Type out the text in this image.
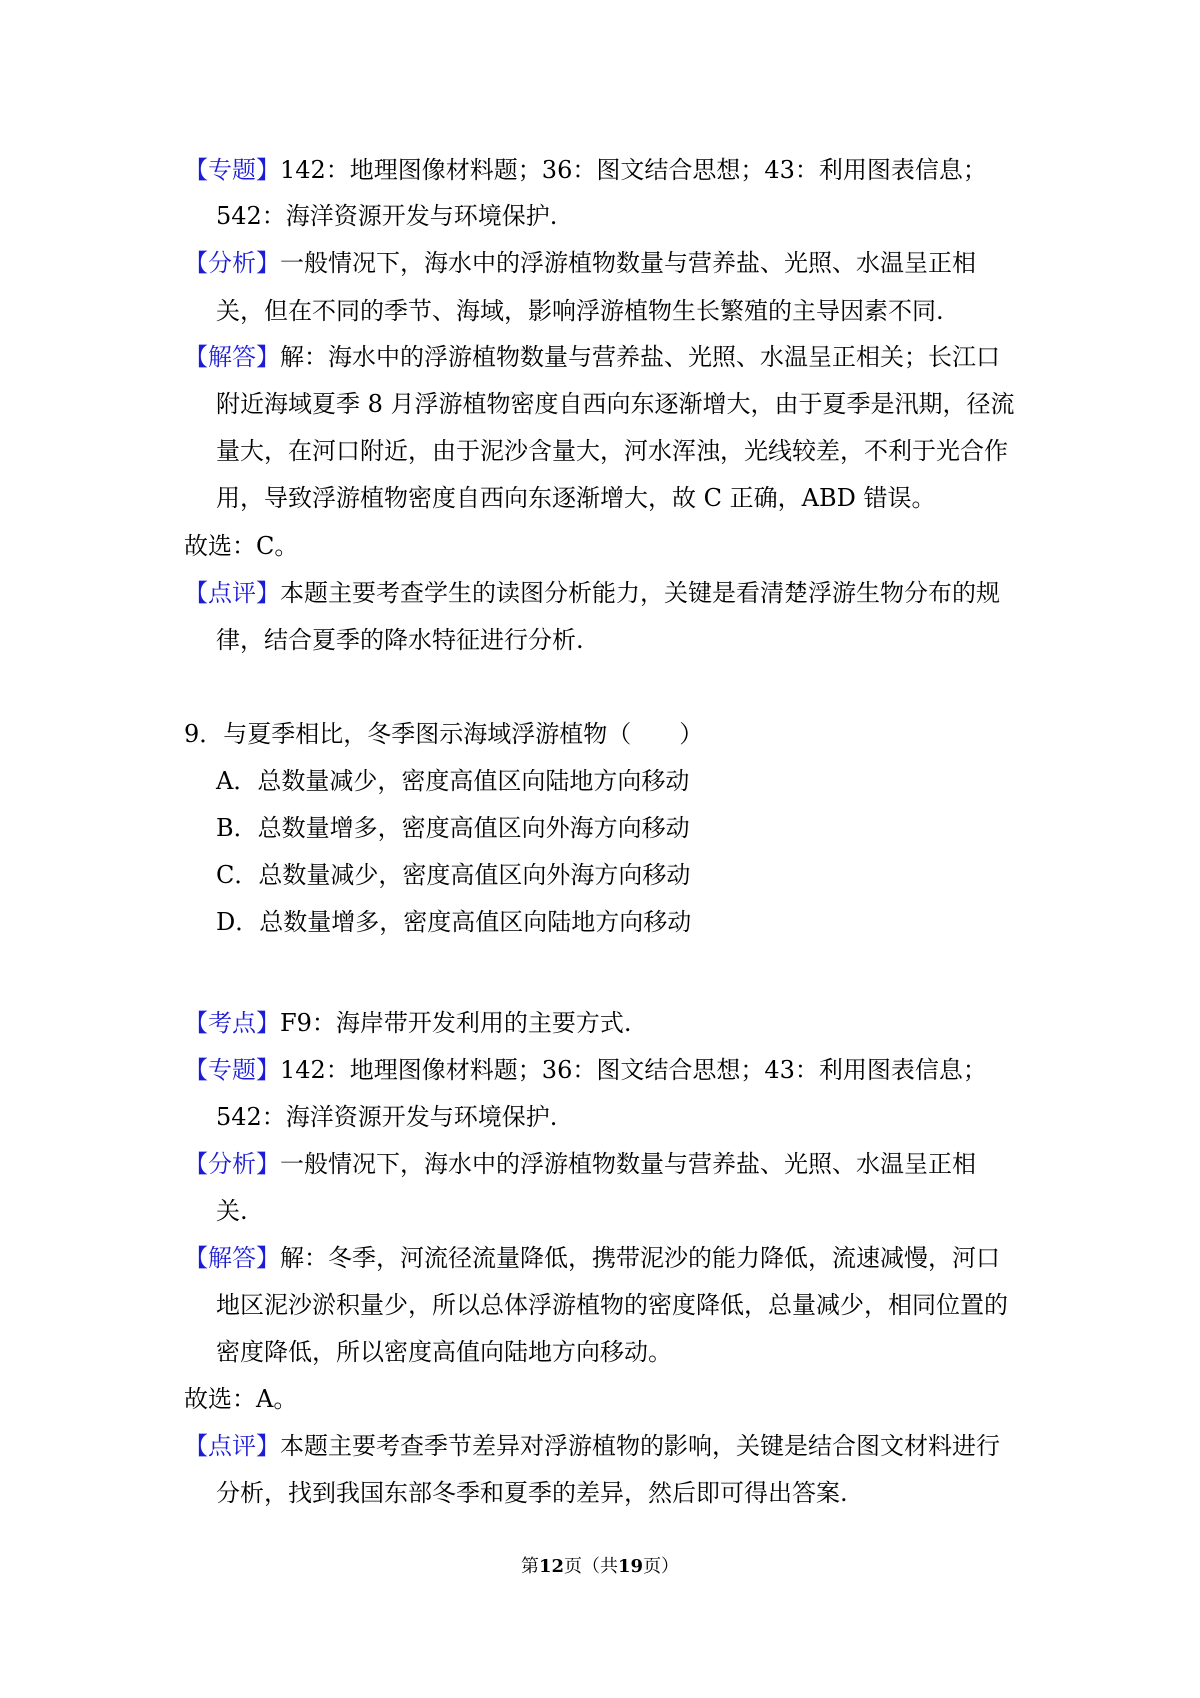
【专题】142：地理图像材料题；36：图文结合思想；43：利用图表信息；
542：海洋资源开发与环境保护.
【分析】一般情况下，海水中的浮游植物数量与营养盐、光照、水温呈正相
关，但在不同的季节、海域，影响浮游植物生长繁殖的主导因素不同.
【解答】解：海水中的浮游植物数量与营养盐、光照、水温呈正相关；长江口
附近海域夏季 8 月浮游植物密度自西向东逐渐增大，由于夏季是汛期，径流
量大，在河口附近，由于泥沙含量大，河水浑浊，光线较差，不利于光合作
用，导致浮游植物密度自西向东逐渐增大，故 C 正确，ABD 错误。
故选：C。
【点评】本题主要考查学生的读图分析能力，关键是看清楚浮游生物分布的规
律，结合夏季的降水特征进行分析.
9．与夏季相比，冬季图示海域浮游植物（　　）
A．总数量减少，密度高值区向陆地方向移动
B．总数量增多，密度高值区向外海方向移动
C．总数量减少，密度高值区向外海方向移动
D．总数量增多，密度高值区向陆地方向移动
【考点】F9：海岸带开发利用的主要方式.
【专题】142：地理图像材料题；36：图文结合思想；43：利用图表信息；
542：海洋资源开发与环境保护.
【分析】一般情况下，海水中的浮游植物数量与营养盐、光照、水温呈正相
关.
【解答】解：冬季，河流径流量降低，携带泥沙的能力降低，流速减慢，河口
地区泥沙淤积量少，所以总体浮游植物的密度降低，总量减少，相同位置的
密度降低，所以密度高值向陆地方向移动。
故选：A。
【点评】本题主要考查季节差异对浮游植物的影响，关键是结合图文材料进行
分析，找到我国东部冬季和夏季的差异，然后即可得出答案.
第12页（共19页）
